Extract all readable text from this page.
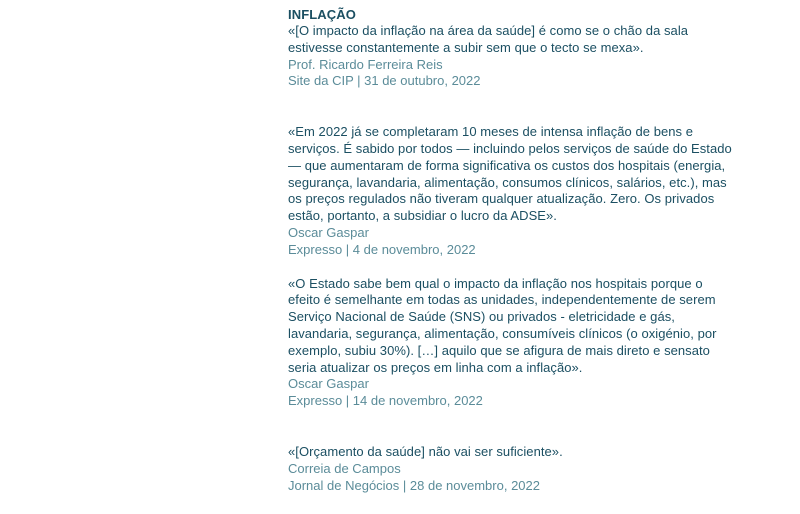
INFLAÇÃO

«[O impacto da inflação na área da saúde] é como se o chão da sala estivesse constantemente a subir sem que o tecto se mexa».

Prof. Ricardo Ferreira Reis

Site da CIP | 31 de outubro, 2022

«Em 2022 já se completaram 10 meses de intensa inflação de bens e serviços. É sabido por todos — incluindo pelos serviços de saúde do Estado — que aumentaram de forma significativa os custos dos hospitais (energia, segurança, lavandaria, alimentação, consumos clínicos, salários, etc.), mas os preços regulados não tiveram qualquer atualização. Zero. Os privados estão, portanto, a subsidiar o lucro da ADSE».

Oscar Gaspar

Expresso | 4 de novembro, 2022

«O Estado sabe bem qual o impacto da inflação nos hospitais porque o efeito é semelhante em todas as unidades, independentemente de serem Serviço Nacional de Saúde (SNS) ou privados - eletricidade e gás, lavandaria, segurança, alimentação, consumíveis clínicos (o oxigénio, por exemplo, subiu 30%). […] aquilo que se afigura de mais direto e sensato seria atualizar os preços em linha com a inflação».

Oscar Gaspar

Expresso | 14 de novembro, 2022

«[Orçamento da saúde] não vai ser suficiente».

Correia de Campos

Jornal de Negócios | 28 de novembro, 2022
